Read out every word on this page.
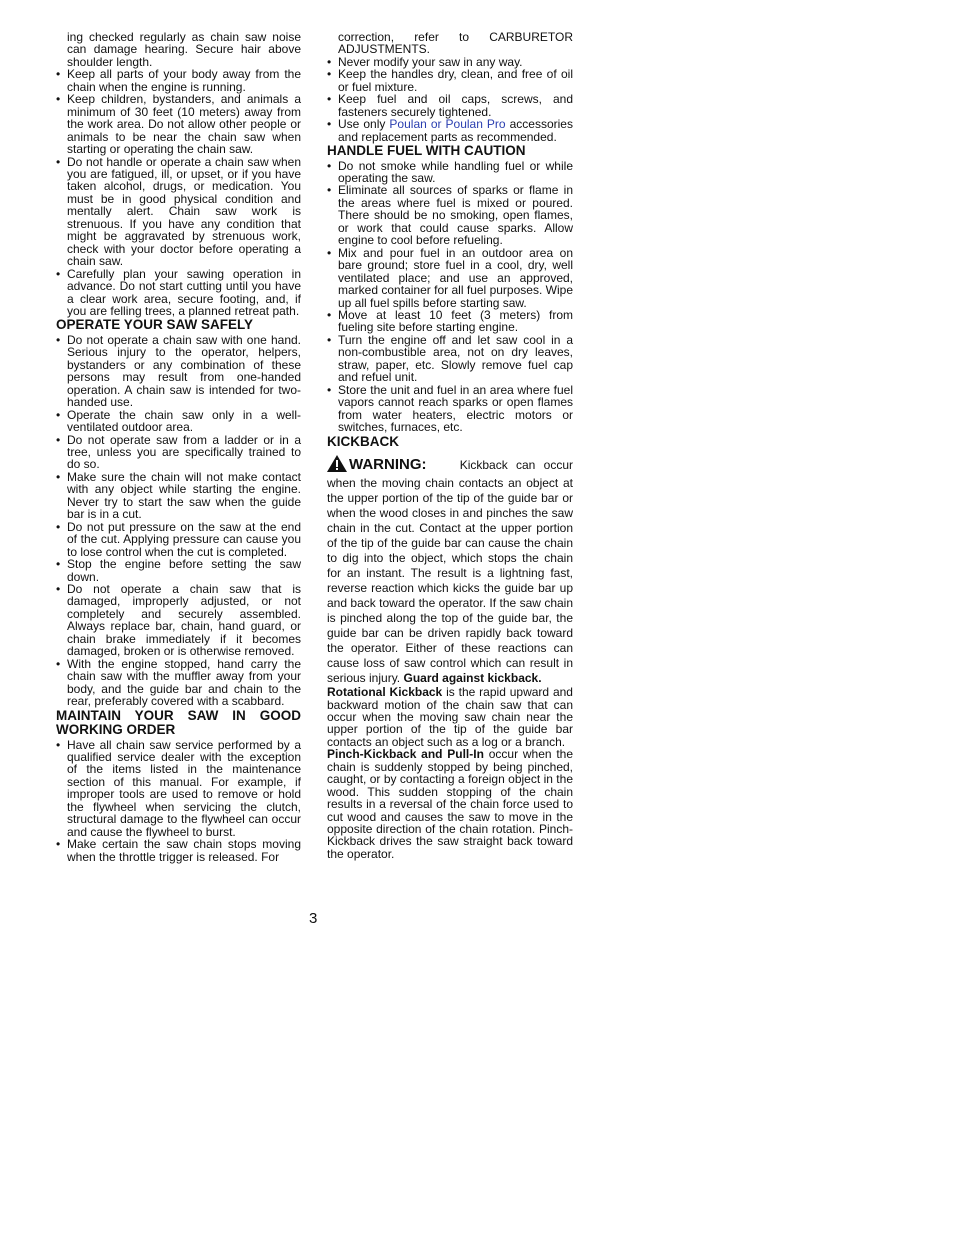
ing checked regularly as chain saw noise can damage hearing. Secure hair above shoulder length.

• Keep all parts of your body away from the chain when the engine is running.
• Keep children, bystanders, and animals a minimum of 30 feet (10 meters) away from the work area. Do not allow other people or animals to be near the chain saw when starting or operating the chain saw.
• Do not handle or operate a chain saw when you are fatigued, ill, or upset, or if you have taken alcohol, drugs, or medication. You must be in good physical condition and mentally alert. Chain saw work is strenuous. If you have any condition that might be aggravated by strenuous work, check with your doctor before operating a chain saw.
• Carefully plan your sawing operation in advance. Do not start cutting until you have a clear work area, secure footing, and, if you are felling trees, a planned retreat path.
OPERATE YOUR SAW SAFELY
• Do not operate a chain saw with one hand. Serious injury to the operator, helpers, bystanders or any combination of these persons may result from one-handed operation. A chain saw is intended for two-handed use.
• Operate the chain saw only in a well-ventilated outdoor area.
• Do not operate saw from a ladder or in a tree, unless you are specifically trained to do so.
• Make sure the chain will not make contact with any object while starting the engine. Never try to start the saw when the guide bar is in a cut.
• Do not put pressure on the saw at the end of the cut. Applying pressure can cause you to lose control when the cut is completed.
• Stop the engine before setting the saw down.
• Do not operate a chain saw that is damaged, improperly adjusted, or not completely and securely assembled. Always replace bar, chain, hand guard, or chain brake immediately if it becomes damaged, broken or is otherwise removed.
• With the engine stopped, hand carry the chain saw with the muffler away from your body, and the guide bar and chain to the rear, preferably covered with a scabbard.
MAINTAIN YOUR SAW IN GOOD WORKING ORDER
• Have all chain saw service performed by a qualified service dealer with the exception of the items listed in the maintenance section of this manual. For example, if improper tools are used to remove or hold the flywheel when servicing the clutch, structural damage to the flywheel can occur and cause the flywheel to burst.
• Make certain the saw chain stops moving when the throttle trigger is released. For

correction, refer to CARBURETOR ADJUSTMENTS.

• Never modify your saw in any way.
• Keep the handles dry, clean, and free of oil or fuel mixture.
• Keep fuel and oil caps, screws, and fasteners securely tightened.
• Use only Poulan or Poulan Pro accessories and replacement parts as recommended.
HANDLE FUEL WITH CAUTION
• Do not smoke while handling fuel or while operating the saw.
• Eliminate all sources of sparks or flame in the areas where fuel is mixed or poured. There should be no smoking, open flames, or work that could cause sparks. Allow engine to cool before refueling.
• Mix and pour fuel in an outdoor area on bare ground; store fuel in a cool, dry, well ventilated place; and use an approved, marked container for all fuel purposes. Wipe up all fuel spills before starting saw.
• Move at least 10 feet (3 meters) from fueling site before starting engine.
• Turn the engine off and let saw cool in a non-combustible area, not on dry leaves, straw, paper, etc. Slowly remove fuel cap and refuel unit.
• Store the unit and fuel in an area where fuel vapors cannot reach sparks or open flames from water heaters, electric motors or switches, furnaces, etc.
KICKBACK

WARNING:	Kickback can occur when the moving chain contacts an object at the upper portion of the tip of the guide bar or when the wood closes in and pinches the saw chain in the cut. Contact at the upper portion of the tip of the guide bar can cause the chain to dig into the object, which stops the chain for an instant. The result is a lightning fast, reverse reaction which kicks the guide bar up and back toward the operator. If the saw chain is pinched along the top of the guide bar, the guide bar can be driven rapidly back toward the operator. Either of these reactions can cause loss of saw control which can result in serious injury. Guard against kickback.

Rotational Kickback is the rapid upward and backward motion of the chain saw that can occur when the moving saw chain near the upper portion of the tip of the guide bar contacts an object such as a log or a branch.

Pinch-Kickback and Pull-In occur when the chain is suddenly stopped by being pinched, caught, or by contacting a foreign object in the wood. This sudden stopping of the chain results in a reversal of the chain force used to cut wood and causes the saw to move in the opposite direction of the chain rotation. Pinch-Kickback drives the saw straight back toward the operator.

3
